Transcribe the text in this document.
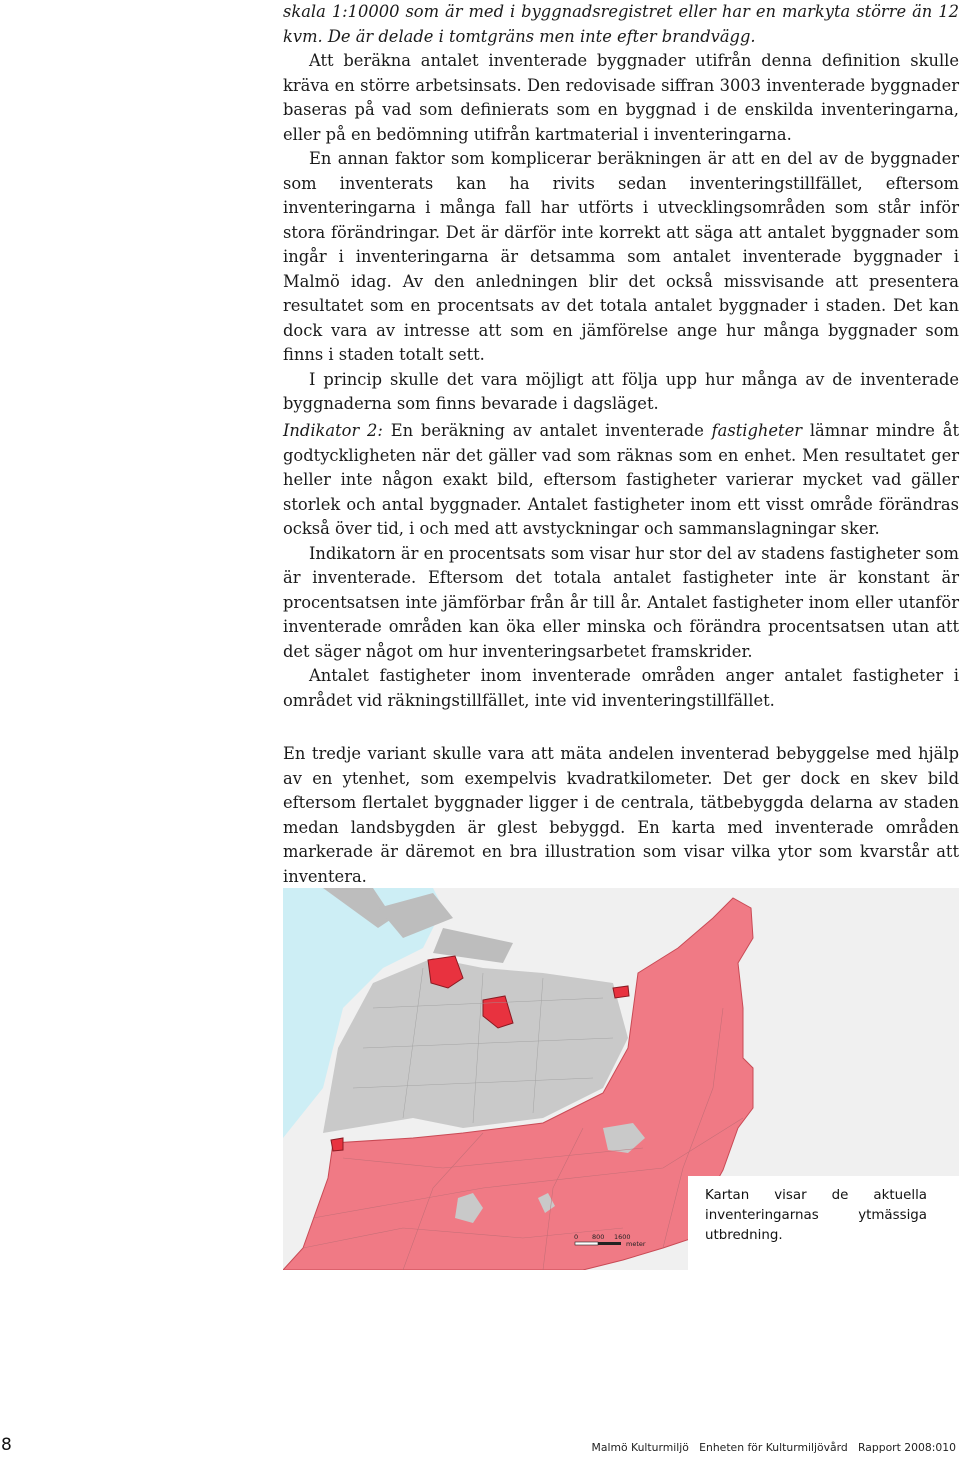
skala 1:10000 som är med i byggnadsregistret eller har en markyta större än 12 kvm. De är delade i tomtgräns men inte efter brandvägg.

Att beräkna antalet inventerade byggnader utifrån denna definition skulle kräva en större arbetsinsats. Den redovisade siffran 3003 inventerade byggnader baseras på vad som definierats som en byggnad i de enskilda inventeringarna, eller på en bedömning utifrån kartmaterial i inventeringarna.

En annan faktor som komplicerar beräkningen är att en del av de byggnader som inventerats kan ha rivits sedan inventeringstillfället, eftersom inventeringarna i många fall har utförts i utvecklingsområden som står inför stora förändringar. Det är därför inte korrekt att säga att antalet byggnader som ingår i inventeringarna är detsamma som antalet inventerade byggnader i Malmö idag. Av den anledningen blir det också missvisande att presentera resultatet som en procentsats av det totala antalet byggnader i staden. Det kan dock vara av intresse att som en jämförelse ange hur många byggnader som finns i staden totalt sett.

I princip skulle det vara möjligt att följa upp hur många av de inventerade byggnaderna som finns bevarade i dagsläget.

Indikator 2: En beräkning av antalet inventerade fastigheter lämnar mindre åt godtyckligheten när det gäller vad som räknas som en enhet. Men resultatet ger heller inte någon exakt bild, eftersom fastigheter varierar mycket vad gäller storlek och antal byggnader. Antalet fastigheter inom ett visst område förändras också över tid, i och med att avstyckningar och sammanslagningar sker.

Indikatorn är en procentsats som visar hur stor del av stadens fastigheter som är inventerade. Eftersom det totala antalet fastigheter inte är konstant är procentsatsen inte jämförbar från år till år. Antalet fastigheter inom eller utanför inventerade områden kan öka eller minska och förändra procentsatsen utan att det säger något om hur inventeringsarbetet framskrider.

Antalet fastigheter inom inventerade områden anger antalet fastigheter i området vid räkningstillfället, inte vid inventeringstillfället.

En tredje variant skulle vara att mäta andelen inventerad bebyggelse med hjälp av en ytenhet, som exempelvis kvadratkilometer. Det ger dock en skev bild eftersom flertalet byggnader ligger i de centrala, tätbebyggda delarna av staden medan landsbygden är glest bebyggd. En karta med inventerade områden markerade är däremot en bra illustration som visar vilka ytor som kvarstår att inventera.

0 800 1600
meter
Kartan visar de aktuella inventeringarnas ytmässiga utbredning.
8	Malmö Kulturmiljö   Enheten för Kulturmiljövård   Rapport 2008:010
